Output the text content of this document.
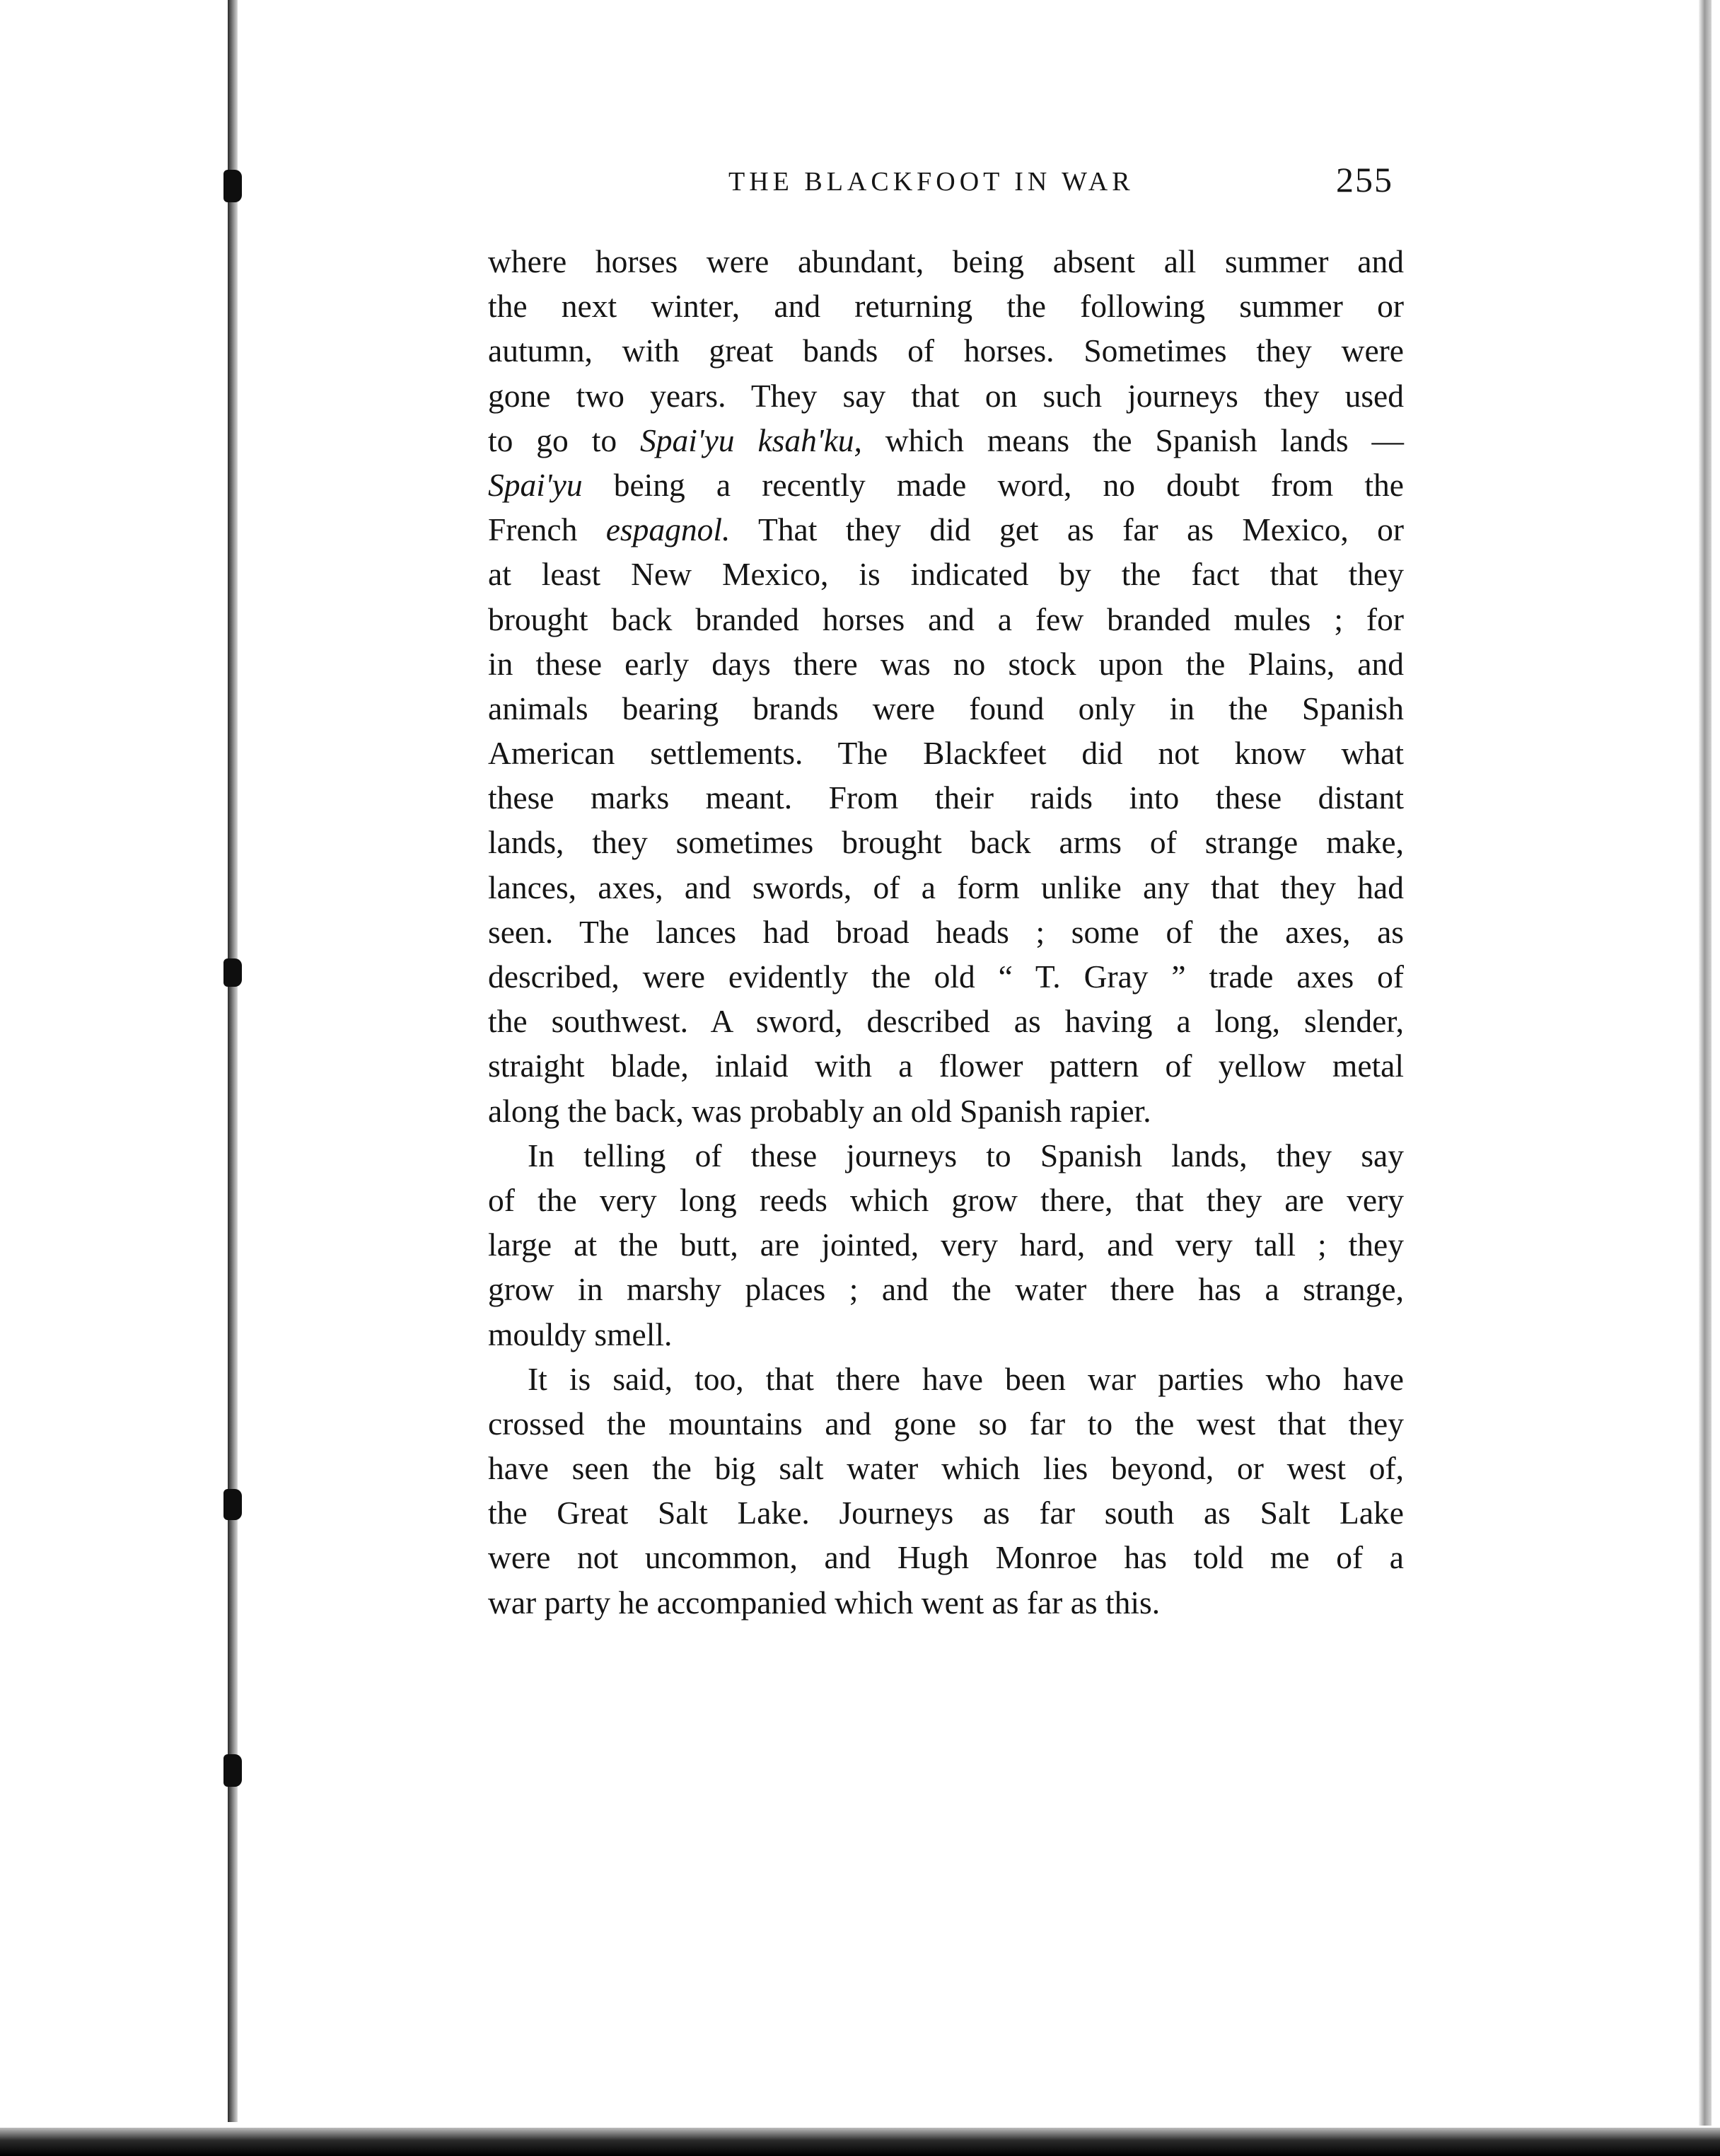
THE BLACKFOOT IN WAR	255
where horses were abundant, being absent all summer and
the next winter, and returning the following summer or
autumn, with great bands of horses. Sometimes they were
gone two years. They say that on such journeys they used
to go to Spai'yu ksah'ku, which means the Spanish lands —
Spai'yu being a recently made word, no doubt from the
French espagnol. That they did get as far as Mexico, or
at least New Mexico, is indicated by the fact that they
brought back branded horses and a few branded mules ; for
in these early days there was no stock upon the Plains, and
animals bearing brands were found only in the Spanish
American settlements. The Blackfeet did not know what
these marks meant. From their raids into these distant
lands, they sometimes brought back arms of strange make,
lances, axes, and swords, of a form unlike any that they had
seen. The lances had broad heads ; some of the axes, as
described, were evidently the old “ T. Gray ” trade axes of
the southwest. A sword, described as having a long, slender,
straight blade, inlaid with a flower pattern of yellow metal
along the back, was probably an old Spanish rapier.
In telling of these journeys to Spanish lands, they say
of the very long reeds which grow there, that they are very
large at the butt, are jointed, very hard, and very tall ; they
grow in marshy places ; and the water there has a strange,
mouldy smell.
It is said, too, that there have been war parties who have
crossed the mountains and gone so far to the west that they
have seen the big salt water which lies beyond, or west of,
the Great Salt Lake. Journeys as far south as Salt Lake
were not uncommon, and Hugh Monroe has told me of a
war party he accompanied which went as far as this.
